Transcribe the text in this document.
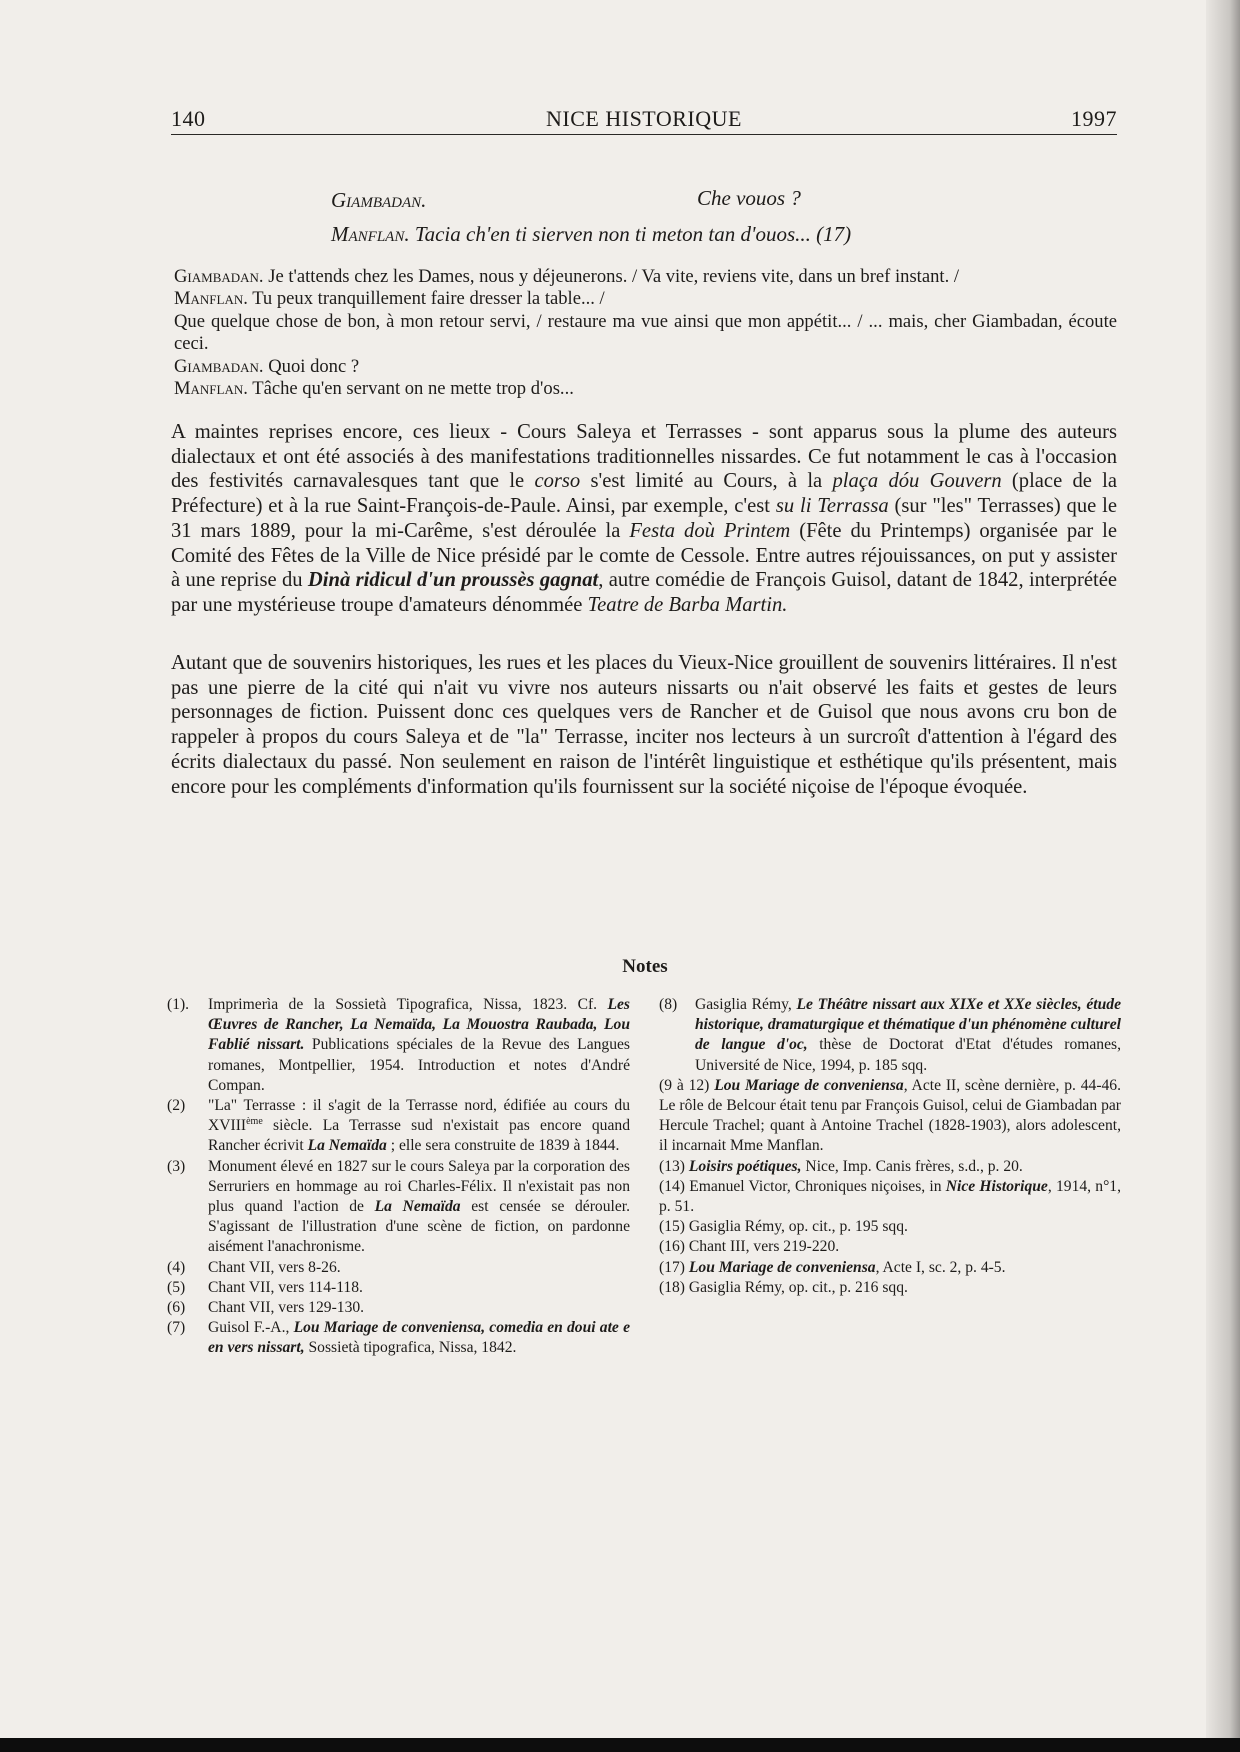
140	NICE HISTORIQUE	1997
Giambadan.	Che vouos ?
Manflan. Tacia ch'en ti sierven non ti meton tan d'ouos... (17)

Giambadan. Je t'attends chez les Dames, nous y déjeunerons. / Va vite, reviens vite, dans un bref instant. /

Manflan. Tu peux tranquillement faire dresser la table... /

Que quelque chose de bon, à mon retour servi, / restaure ma vue ainsi que mon appétit... / ... mais, cher Giambadan, écoute ceci.

Giambadan. Quoi donc ?

Manflan. Tâche qu'en servant on ne mette trop d'os...

A maintes reprises encore, ces lieux - Cours Saleya et Terrasses - sont apparus sous la plume des auteurs dialectaux et ont été associés à des manifestations traditionnelles nissardes. Ce fut notamment le cas à l'occasion des festivités carnavalesques tant que le corso s'est limité au Cours, à la plaça dóu Gouvern (place de la Préfecture) et à la rue Saint-François-de-Paule. Ainsi, par exemple, c'est su li Terrassa (sur "les" Terrasses) que le 31 mars 1889, pour la mi-Carême, s'est déroulée la Festa doù Printem (Fête du Printemps) organisée par le Comité des Fêtes de la Ville de Nice présidé par le comte de Cessole. Entre autres réjouissances, on put y assister à une reprise du Dinà ridicul d'un proussès gagnat, autre comédie de François Guisol, datant de 1842, interprétée par une mystérieuse troupe d'amateurs dénommée Teatre de Barba Martin.

Autant que de souvenirs historiques, les rues et les places du Vieux-Nice grouillent de souvenirs littéraires. Il n'est pas une pierre de la cité qui n'ait vu vivre nos auteurs nissarts ou n'ait observé les faits et gestes de leurs personnages de fiction. Puissent donc ces quelques vers de Rancher et de Guisol que nous avons cru bon de rappeler à propos du cours Saleya et de "la" Terrasse, inciter nos lecteurs à un surcroît d'attention à l'égard des écrits dialectaux du passé. Non seulement en raison de l'intérêt linguistique et esthétique qu'ils présentent, mais encore pour les compléments d'information qu'ils fournissent sur la société niçoise de l'époque évoquée.

Notes
(1). Imprimerìa de la Sossietà Tipografica, Nissa, 1823. Cf. Les Œuvres de Rancher, La Nemaïda, La Mouostra Raubada, Lou Fablié nissart. Publications spéciales de la Revue des Langues romanes, Montpellier, 1954. Introduction et notes d'André Compan.
(2) "La" Terrasse : il s'agit de la Terrasse nord, édifiée au cours du XVIIIème siècle. La Terrasse sud n'existait pas encore quand Rancher écrivit La Nemaïda ; elle sera construite de 1839 à 1844.
(3) Monument élevé en 1827 sur le cours Saleya par la corporation des Serruriers en hommage au roi Charles-Félix. Il n'existait pas non plus quand l'action de La Nemaïda est censée se dérouler. S'agissant de l'illustration d'une scène de fiction, on pardonne aisément l'anachronisme.
(4) Chant VII, vers 8-26.
(5) Chant VII, vers 114-118.
(6) Chant VII, vers 129-130.
(7) Guisol F.-A., Lou Mariage de conveniensa, comedia en doui ate e en vers nissart, Sossietà tipografica, Nissa, 1842.
(8) Gasiglia Rémy, Le Théâtre nissart aux XIXe et XXe siècles, étude historique, dramaturgique et thématique d'un phénomène culturel de langue d'oc, thèse de Doctorat d'Etat d'études romanes, Université de Nice, 1994, p. 185 sqq.
(9 à 12) Lou Mariage de conveniensa, Acte II, scène dernière, p. 44-46. Le rôle de Belcour était tenu par François Guisol, celui de Giambadan par Hercule Trachel; quant à Antoine Trachel (1828-1903), alors adolescent, il incarnait Mme Manflan.
(13) Loisirs poétiques, Nice, Imp. Canis frères, s.d., p. 20.
(14) Emanuel Victor, Chroniques niçoises, in Nice Historique, 1914, n°1, p. 51.
(15) Gasiglia Rémy, op. cit., p. 195 sqq.
(16) Chant III, vers 219-220.
(17) Lou Mariage de conveniensa, Acte I, sc. 2, p. 4-5.
(18) Gasiglia Rémy, op. cit., p. 216 sqq.
